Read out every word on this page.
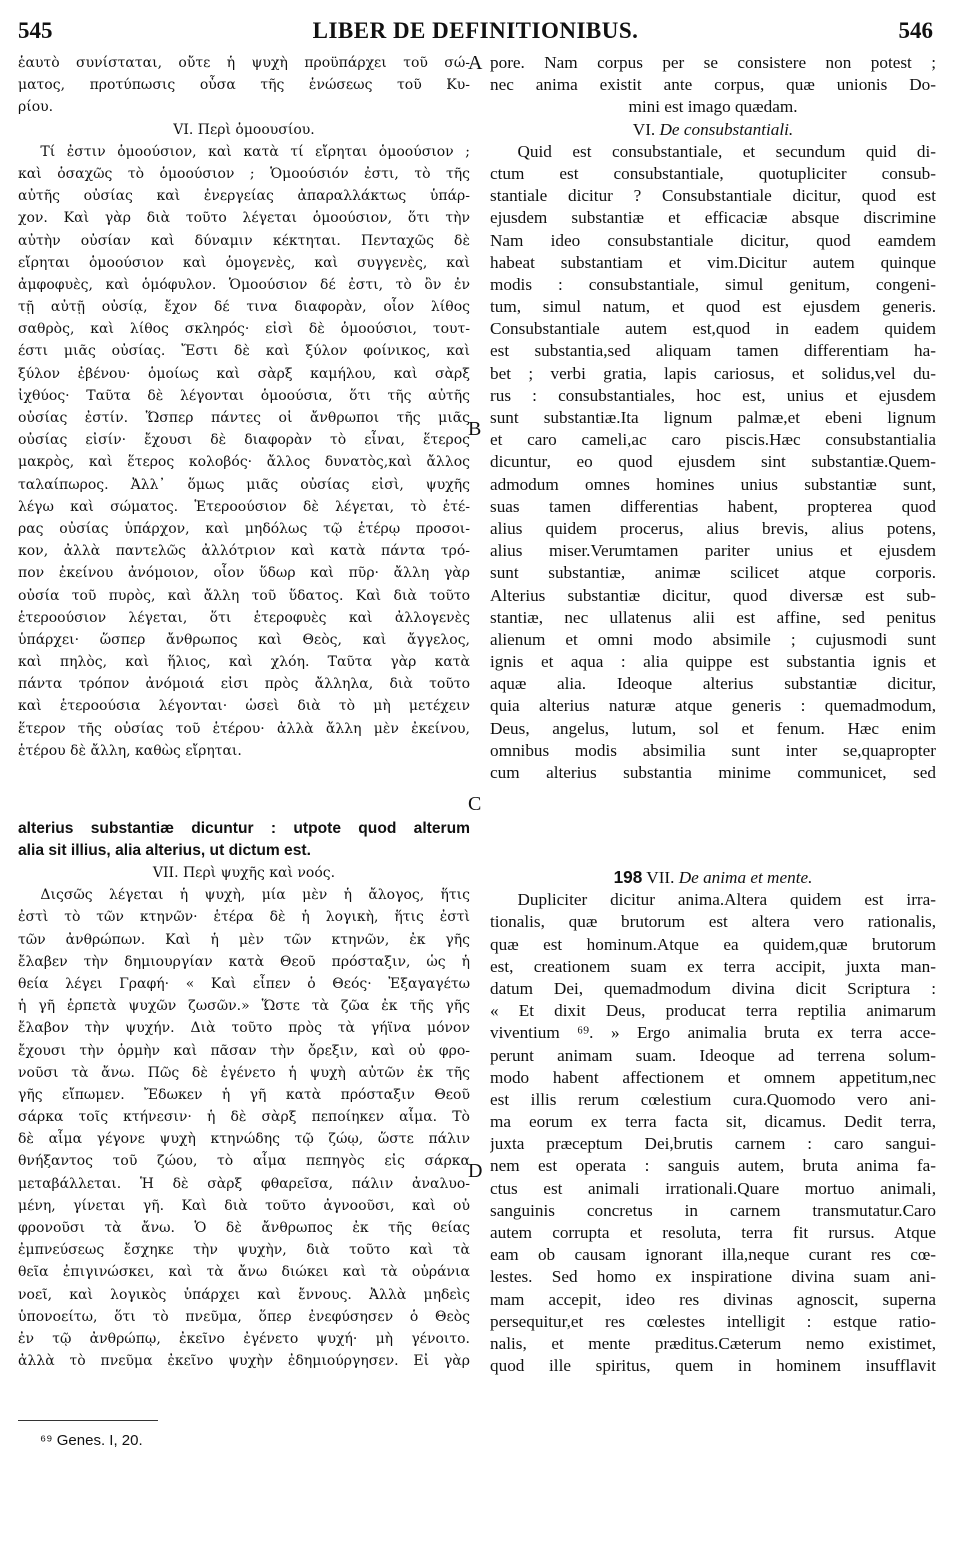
545	LIBER DE DEFINITIONIBUS.	546
ἑαυτὸ συνίσταται, οὔτε ἡ ψυχὴ προϋπάρχει τοῦ σώ-
ματος, προτύπωσις οὖσα τῆς ἑνώσεως τοῦ Κυ-
ρίου.
VI. Περὶ ὁμοουσίου.
Τί ἐστιν ὁμοούσιον, καὶ κατὰ τί εἴρηται ὁμοούσιον ;
καὶ ὁσαχῶς τὸ ὁμοούσιον ; Ὁμοούσιόν ἐστι, τὸ τῆς
αὐτῆς οὐσίας καὶ ἐνεργείας ἀπαραλλάκτως ὑπάρ-
χον. Καὶ γὰρ διὰ τοῦτο λέγεται ὁμοούσιον, ὅτι τὴν
αὐτὴν οὐσίαν καὶ δύναμιν κέκτηται. Πενταχῶς δὲ
εἴρηται ὁμοούσιον καὶ ὁμογενὲς, καὶ συγγενὲς, καὶ
ἀμφοφυὲς, καὶ ὁμόφυλον. Ὁμοούσιον δέ ἐστι, τὸ ὂν ἐν
τῇ αὐτῇ οὐσίᾳ, ἔχον δέ τινα διαφορὰν, οἷον λίθος
σαθρὸς, καὶ λίθος σκληρός· εἰσὶ δὲ ὁμοούσιοι, τουτ-
έστι μιᾶς οὐσίας. Ἔστι δὲ καὶ ξύλον φοίνικος, καὶ
ξύλον ἐβένου· ὁμοίως καὶ σὰρξ καμήλου, καὶ σὰρξ
ἰχθύος· Ταῦτα δὲ λέγονται ὁμοούσια, ὅτι τῆς αὐτῆς
οὐσίας ἐστίν. Ὥσπερ πάντες οἱ ἄνθρωποι τῆς μιᾶς
οὐσίας εἰσίν· ἔχουσι δὲ διαφορὰν τὸ εἶναι, ἕτερος
μακρὸς, καὶ ἕτερος κολοβός· ἄλλος δυνατὸς,καὶ ἄλλος
ταλαίπωρος. Ἀλλ᾽ ὅμως μιᾶς οὐσίας εἰσὶ, ψυχῆς
λέγω καὶ σώματος. Ἑτεροούσιον δὲ λέγεται, τὸ ἑτέ-
ρας οὐσίας ὑπάρχον, καὶ μηδόλως τῷ ἑτέρῳ προσοι-
κον, ἀλλὰ παντελῶς ἀλλότριον καὶ κατὰ πάντα τρό-
πον ἐκείνου ἀνόμοιον, οἷον ὕδωρ καὶ πῦρ· ἄλλη γὰρ
οὐσία τοῦ πυρὸς, καὶ ἄλλη τοῦ ὕδατος. Καὶ διὰ τοῦτο
ἑτεροούσιον λέγεται, ὅτι ἑτεροφυὲς καὶ ἀλλογενὲς
ὑπάρχει· ὥσπερ ἄνθρωπος καὶ Θεὸς, καὶ ἄγγελος,
καὶ πηλὸς, καὶ ἥλιος, καὶ χλόη. Ταῦτα γὰρ κατὰ
πάντα τρόπον ἀνόμοιά εἰσι πρὸς ἄλληλα, διὰ τοῦτο
καὶ ἑτεροούσια λέγονται· ὡσεὶ διὰ τὸ μὴ μετέχειν
ἕτερον τῆς οὐσίας τοῦ ἑτέρου· ἀλλὰ ἄλλη μὲν ἐκείνου,
ἑτέρου δὲ ἄλλη, καθὼς εἴρηται.
alterius substantiæ dicuntur : utpote quod alterum
alia sit illius, alia alterius, ut dictum est.
VII. Περὶ ψυχῆς καὶ νοός.
Διςσῶς λέγεται ἡ ψυχὴ, μία μὲν ἡ ἄλογος, ἥτις
ἐστὶ τὸ τῶν κτηνῶν· ἑτέρα δὲ ἡ λογικὴ, ἥτις ἐστὶ
τῶν ἀνθρώπων. Καὶ ἡ μὲν τῶν κτηνῶν, ἐκ γῆς
ἔλαβεν τὴν δημιουργίαν κατὰ Θεοῦ πρόσταξιν, ὡς ἡ
θεία λέγει Γραφή· « Καὶ εἶπεν ὁ Θεός· Ἐξαγαγέτω
ἡ γῆ ἑρπετὰ ψυχῶν ζωσῶν.» Ὥστε τὰ ζῶα ἐκ τῆς γῆς
ἔλαβον τὴν ψυχήν. Διὰ τοῦτο πρὸς τὰ γήϊνα μόνον
ἔχουσι τὴν ὁρμὴν καὶ πᾶσαν τὴν ὄρεξιν, καὶ οὐ φρο-
νοῦσι τὰ ἄνω. Πῶς δὲ ἐγένετο ἡ ψυχὴ αὐτῶν ἐκ τῆς
γῆς εἴπωμεν. Ἔδωκεν ἡ γῆ κατὰ πρόσταξιν Θεοῦ
σάρκα τοῖς κτήνεσιν· ἡ δὲ σὰρξ πεποίηκεν αἷμα. Τὸ
δὲ αἷμα γέγονε ψυχὴ κτηνώδης τῷ ζώῳ, ὥστε πάλιν
θνήξαντος τοῦ ζώου, τὸ αἷμα πεπηγὸς εἰς σάρκα
μεταβάλλεται. Ἡ δὲ σὰρξ φθαρεῖσα, πάλιν ἀναλυο-
μένη, γίνεται γῆ. Καὶ διὰ τοῦτο ἀγνοοῦσι, καὶ οὐ
φρονοῦσι τὰ ἄνω. Ὁ δὲ ἄνθρωπος ἐκ τῆς θείας
ἐμπνεύσεως ἔσχηκε τὴν ψυχὴν, διὰ τοῦτο καὶ τὰ
θεῖα ἐπιγινώσκει, καὶ τὰ ἄνω διώκει καὶ τὰ οὐράνια
νοεῖ, καὶ λογικὸς ὑπάρχει καὶ ἔννους. Ἀλλὰ μηδεὶς
ὑπονοείτω, ὅτι τὸ πνεῦμα, ὅπερ ἐνεφύσησεν ὁ Θεὸς
ἐν τῷ ἀνθρώπῳ, ἐκεῖνο ἐγένετο ψυχή· μὴ γένοιτο.
ἀλλὰ τὸ πνεῦμα ἐκεῖνο ψυχὴν ἐδημιούργησεν. Εἰ γὰρ
pore. Nam corpus per se consistere non potest ;
nec anima existit ante corpus, quæ unionis Do-
mini est imago quædam.
VI. De consubstantiali.
Quid est consubstantiale, et secundum quid di-
ctum est consubstantiale, quotupliciter consub-
stantiale dicitur ? Consubstantiale dicitur, quod est
ejusdem substantiæ et efficaciæ absque discrimine
Nam ideo consubstantiale dicitur, quod eamdem
habeat substantiam et vim.Dicitur autem quinque
modis : consubstantiale, simul genitum, congeni-
tum, simul natum, et quod est ejusdem generis.
Consubstantiale autem est,quod in eadem quidem
est substantia,sed aliquam tamen differentiam ha-
bet ; verbi gratia, lapis cariosus, et solidus,vel du-
rus : consubstantiales, hoc est, unius et ejusdem
sunt substantiæ.Ita lignum palmæ,et ebeni lignum
et caro cameli,ac caro piscis.Hæc consubstantialia
dicuntur, eo quod ejusdem sint substantiæ.Quem-
admodum omnes homines unius substantiæ sunt,
suas tamen differentias habent, propterea quod
alius quidem procerus, alius brevis, alius potens,
alius miser.Verumtamen pariter unius et ejusdem
sunt substantiæ, animæ scilicet atque corporis.
Alterius substantiæ dicitur, quod diversæ est sub-
stantiæ, nec ullatenus alii est affine, sed penitus
alienum et omni modo absimile ; cujusmodi sunt
ignis et aqua : alia quippe est substantia ignis et
aquæ alia. Ideoque alterius substantiæ dicitur,
quia alterius naturæ atque generis : quemadmodum,
Deus, angelus, lutum, sol et fenum. Hæc enim
omnibus modis absimilia sunt inter se,quapropter
cum alterius substantia minime communicet, sed
198 VII. De anima et mente.
Dupliciter dicitur anima.Altera quidem est irra-
tionalis, quæ brutorum est altera vero rationalis,
quæ est hominum.Atque ea quidem,quæ brutorum
est, creationem suam ex terra accipit, juxta man-
datum Dei, quemadmodum divina dicit Scriptura :
« Et dixit Deus, producat terra reptilia animarum
viventium ⁶⁹. » Ergo animalia bruta ex terra acce-
perunt animam suam. Ideoque ad terrena solum-
modo habent affectionem et omnem appetitum,nec
est illis rerum cœlestium cura.Quomodo vero ani-
ma eorum ex terra facta sit, dicamus. Dedit terra,
juxta præceptum Dei,brutis carnem : caro sangui-
nem est operata : sanguis autem, bruta anima fa-
ctus est animali irrationali.Quare mortuo animali,
sanguinis concretus in carnem transmutatur.Caro
autem corrupta et resoluta, terra fit rursus. Atque
eam ob causam ignorant illa,neque curant res cœ-
lestes. Sed homo ex inspiratione divina suam ani-
mam accepit, ideo res divinas agnoscit, superna
persequitur,et res cœlestes intelligit : estque ratio-
nalis, et mente præditus.Cæterum nemo existimet,
quod ille spiritus, quem in hominem insufflavit
A
B
C
D
⁶⁹ Genes. I, 20.
